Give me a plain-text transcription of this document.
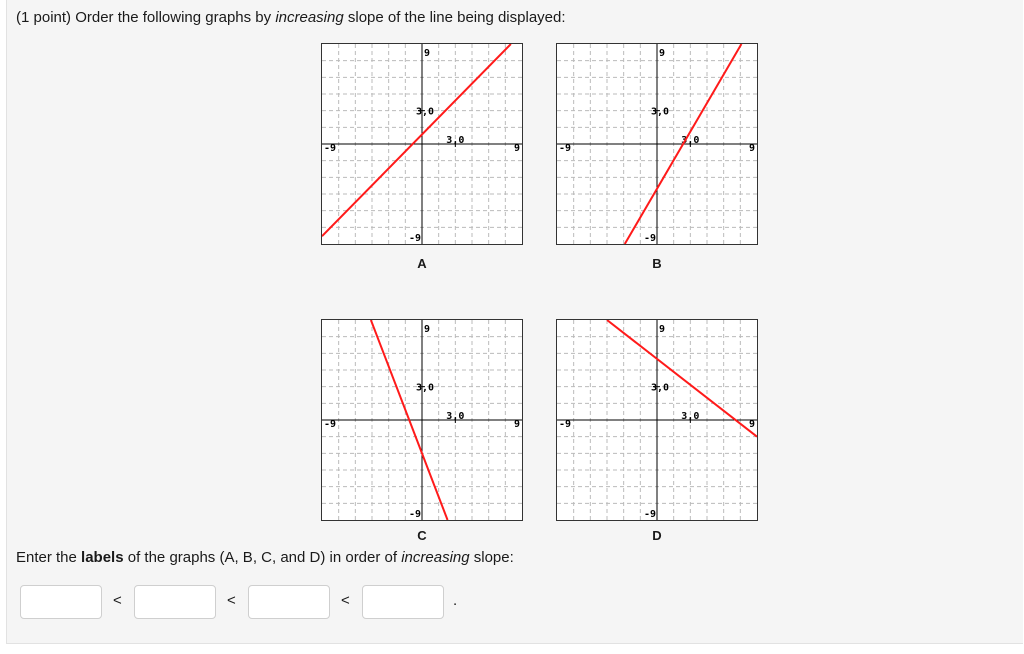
(1 point) Order the following graphs by increasing slope of the line being displayed:
-9	9
9
-9
3,0
3,0
A
-9	9
9
-9
3,0
3,0
B
-9	9
9
-9
3,0
3,0
C
-9	9
9
-9
3,0
3,0
D
Enter the labels of the graphs (A, B, C, and D) in order of increasing slope:
<	<	<	.
